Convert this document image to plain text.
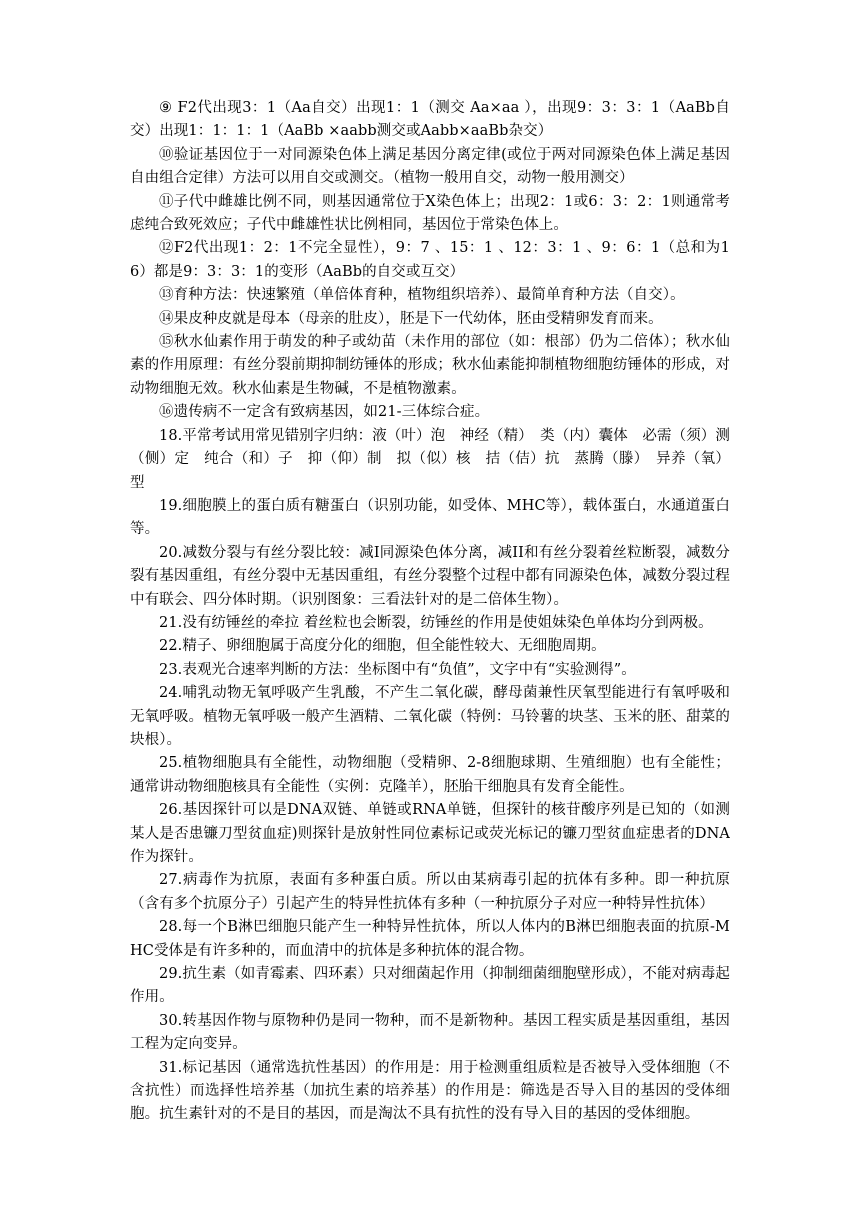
⑨ F2代出现3：1（Aa自交）出现1：1（测交 Aa×aa ），出现9：3：3：1（AaBb自交）出现1：1：1：1（AaBb ×aabb测交或Aabb×aaBb杂交）

⑩验证基因位于一对同源染色体上满足基因分离定律(或位于两对同源染色体上满足基因自由组合定律）方法可以用自交或测交。（植物一般用自交，动物一般用测交）

⑪子代中雌雄比例不同，则基因通常位于X染色体上；出现2：1或6：3：2：1则通常考虑纯合致死效应；子代中雌雄性状比例相同，基因位于常染色体上。

⑫F2代出现1：2：1不完全显性），9：7 、15：1 、12：3：1 、9：6：1（总和为16）都是9：3：3：1的变形（AaBb的自交或互交）

⑬育种方法：快速繁殖（单倍体育种，植物组织培养）、最简单育种方法（自交）。

⑭果皮种皮就是母本（母亲的肚皮），胚是下一代幼体，胚由受精卵发育而来。

⑮秋水仙素作用于萌发的种子或幼苗（未作用的部位（如：根部）仍为二倍体）；秋水仙素的作用原理：有丝分裂前期抑制纺锤体的形成；秋水仙素能抑制植物细胞纺锤体的形成，对动物细胞无效。秋水仙素是生物碱，不是植物激素。

⑯遗传病不一定含有致病基因，如21-三体综合症。

18.平常考试用常见错别字归纳：液（叶）泡　神经（精）　类（内）囊体　必需（须）测（侧）定　纯合（和）子　抑（仰）制　拟（似）核　拮（佶）抗　蒸腾（滕）　异养（氧）型

19.细胞膜上的蛋白质有糖蛋白（识别功能，如受体、MHC等），载体蛋白，水通道蛋白等。

20.减数分裂与有丝分裂比较：减I同源染色体分离，减II和有丝分裂着丝粒断裂，减数分裂有基因重组，有丝分裂中无基因重组，有丝分裂整个过程中都有同源染色体，减数分裂过程中有联会、四分体时期。（识别图象：三看法针对的是二倍体生物）。

21.没有纺锤丝的牵拉 着丝粒也会断裂，纺锤丝的作用是使姐妹染色单体均分到两极。

22.精子、卵细胞属于高度分化的细胞，但全能性较大、无细胞周期。

23.表观光合速率判断的方法：坐标图中有“负值”，文字中有“实验测得”。

24.哺乳动物无氧呼吸产生乳酸，不产生二氧化碳，酵母菌兼性厌氧型能进行有氧呼吸和无氧呼吸。植物无氧呼吸一般产生酒精、二氧化碳（特例：马铃薯的块茎、玉米的胚、甜菜的块根）。

25.植物细胞具有全能性，动物细胞（受精卵、2-8细胞球期、生殖细胞）也有全能性；通常讲动物细胞核具有全能性（实例：克隆羊），胚胎干细胞具有发育全能性。

26.基因探针可以是DNA双链、单链或RNA单链，但探针的核苷酸序列是已知的（如测某人是否患镰刀型贫血症)则探针是放射性同位素标记或荧光标记的镰刀型贫血症患者的DNA作为探针。

27.病毒作为抗原，表面有多种蛋白质。所以由某病毒引起的抗体有多种。即一种抗原（含有多个抗原分子）引起产生的特异性抗体有多种（一种抗原分子对应一种特异性抗体）

28.每一个B淋巴细胞只能产生一种特异性抗体，所以人体内的B淋巴细胞表面的抗原-MHC受体是有许多种的，而血清中的抗体是多种抗体的混合物。

29.抗生素（如青霉素、四环素）只对细菌起作用（抑制细菌细胞壁形成），不能对病毒起作用。

30.转基因作物与原物种仍是同一物种，而不是新物种。基因工程实质是基因重组，基因工程为定向变异。

31.标记基因（通常选抗性基因）的作用是：用于检测重组质粒是否被导入受体细胞（不含抗性）而选择性培养基（加抗生素的培养基）的作用是：筛选是否导入目的基因的受体细胞。抗生素针对的不是目的基因，而是淘汰不具有抗性的没有导入目的基因的受体细胞。
